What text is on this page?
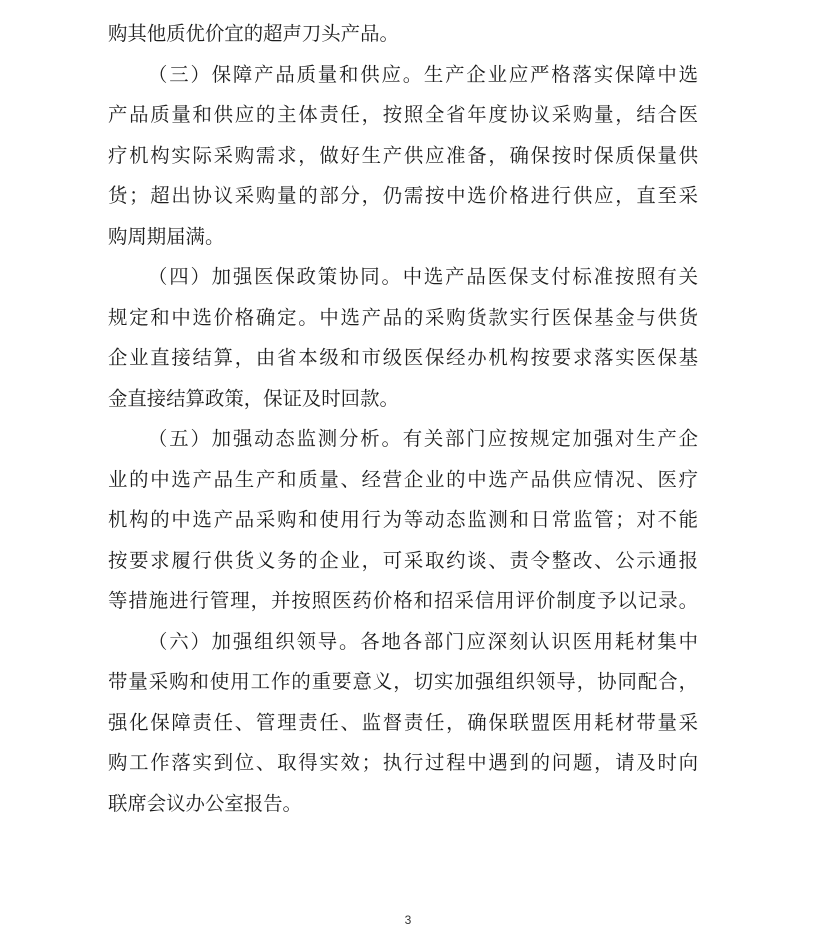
购其他质优价宜的超声刀头产品。
（三）保障产品质量和供应。生产企业应严格落实保障中选
产品质量和供应的主体责任，按照全省年度协议采购量，结合医
疗机构实际采购需求，做好生产供应准备，确保按时保质保量供
货；超出协议采购量的部分，仍需按中选价格进行供应，直至采
购周期届满。
（四）加强医保政策协同。中选产品医保支付标准按照有关
规定和中选价格确定。中选产品的采购货款实行医保基金与供货
企业直接结算，由省本级和市级医保经办机构按要求落实医保基
金直接结算政策，保证及时回款。
（五）加强动态监测分析。有关部门应按规定加强对生产企
业的中选产品生产和质量、经营企业的中选产品供应情况、医疗
机构的中选产品采购和使用行为等动态监测和日常监管；对不能
按要求履行供货义务的企业，可采取约谈、责令整改、公示通报
等措施进行管理，并按照医药价格和招采信用评价制度予以记录。
（六）加强组织领导。各地各部门应深刻认识医用耗材集中
带量采购和使用工作的重要意义，切实加强组织领导，协同配合，
强化保障责任、管理责任、监督责任，确保联盟医用耗材带量采
购工作落实到位、取得实效；执行过程中遇到的问题，请及时向
联席会议办公室报告。
3
